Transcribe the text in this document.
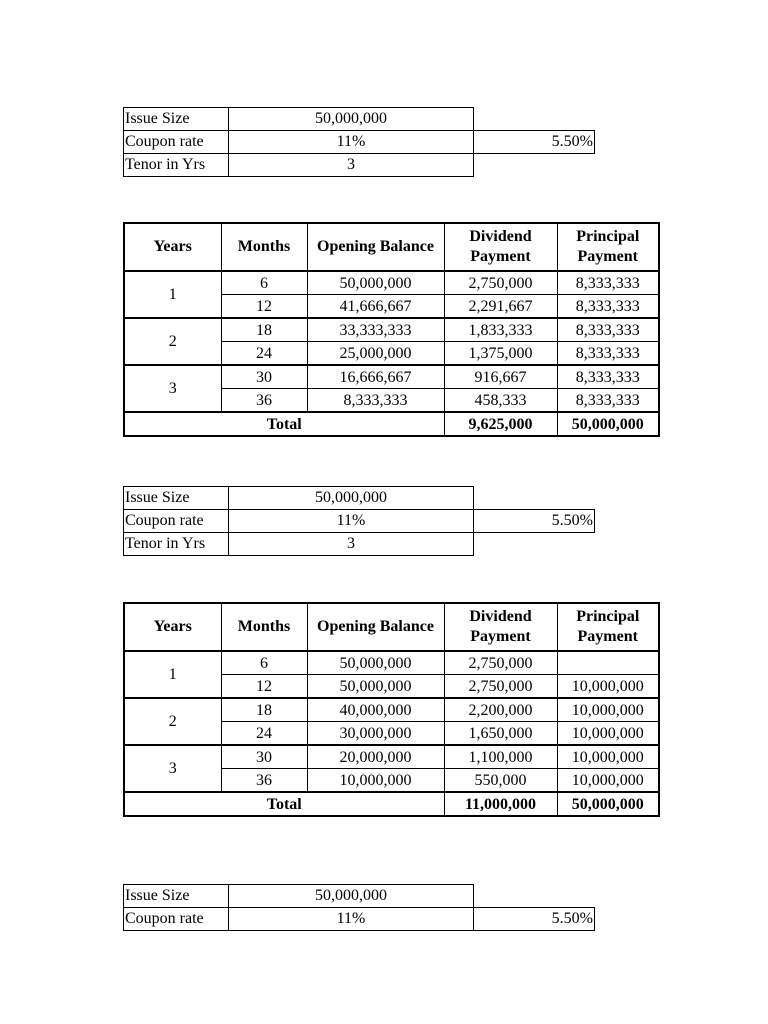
Issue Size	50,000,000	
Coupon rate	11%	5.50%
Tenor in Yrs	3	
Years	Months	Opening Balance	Dividend Payment	Principal Payment
1	6	50,000,000	2,750,000	8,333,333
	12	41,666,667	2,291,667	8,333,333
2	18	33,333,333	1,833,333	8,333,333
	24	25,000,000	1,375,000	8,333,333
3	30	16,666,667	916,667	8,333,333
	36	8,333,333	458,333	8,333,333
Total			9,625,000	50,000,000
Issue Size	50,000,000	
Coupon rate	11%	5.50%
Tenor in Yrs	3	
Years	Months	Opening Balance	Dividend Payment	Principal Payment
1	6	50,000,000	2,750,000	
	12	50,000,000	2,750,000	10,000,000
2	18	40,000,000	2,200,000	10,000,000
	24	30,000,000	1,650,000	10,000,000
3	30	20,000,000	1,100,000	10,000,000
	36	10,000,000	550,000	10,000,000
Total			11,000,000	50,000,000
Issue Size	50,000,000	
Coupon rate	11%	5.50%
